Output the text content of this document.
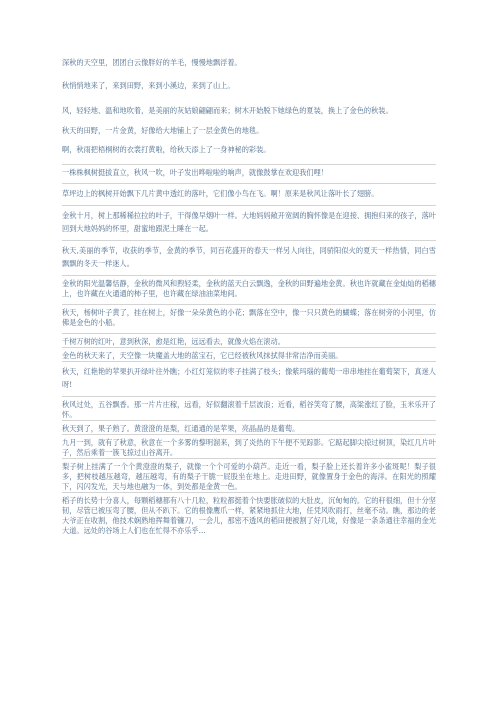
深秋的天空里，团团白云像胖好的羊毛，慢慢地飘浮着。

秋悄悄地来了，来到田野，来到小溪边，来到了山上。

风，轻轻地、温和地吹着，是美丽的灰姑娘翩翩而来；树木开始脱下她绿色的夏装，换上了金色的秋装。

秋天的田野，一片金黄，好像给大地铺上了一层金黄色的地毯。

啊，秋雨把梧桐树的衣裳打黄啦，给秋天添上了一身神秘的彩装。

一株株枫树挺拔直立，秋风一吹，叶子发出哗啦啦的响声，就像鼓掌在欢迎我们哩！

草坪边上的枫树开始飘下几片黄中透红的落叶，它们像小鸟在飞。啊！原来是秋风让落叶长了翅膀。

金秋十月，树上那稀稀拉拉的叶子，干得像早烟叶一样。大地妈妈敞开宽阔的胸怀像是在迎接、拥抱归来的孩子，落叶回到大地妈妈的怀里，甜蜜地跟泥土睡在一起。

秋天,美丽的季节，收获的季节，金黄的季节，同百花盛开的春天一样另人向往，同骄阳似火的夏天一样热情，同白雪飘飘的冬天一样迷人。

金秋的阳光温馨恬静，金秋的微风和煦轻柔，金秋的蓝天白云飘逸，金秋的田野遍地金黄。秋也许就藏在金灿灿的稻穗上，也许藏在火通通的柿子里，也许藏在绿油油菜地间。

秋天，杨树叶子黄了，挂在树上，好像一朵朵黄色的小花；飘落在空中，像一只只黄色的蝴蝶；落在树旁的小河里，仿佛是金色的小船。

千树万树的红叶，意到秋深，愈是红艳，远远看去，就像火焰在滚动。

金色的秋天来了，天空像一块魔盖大地的蓝宝石，它已经被秋风抹拭得非常洁净而美丽。

秋天，红艳艳的苹果扒开绿叶往外瞧；小红灯笼似的枣子挂满了枝头；像紫玛瑙的葡萄一串串地挂在葡萄架下，真迷人呀!

秋风过处，五谷飘香。那一片片庄稼，远看，好似翻滚着千层波浪；近看，稻谷笑弯了腰，高粱涨红了脸，玉米乐开了怀。

秋天到了，果子熟了。黄澄澄的是梨，红通通的是苹果，亮晶晶的是葡萄。

九月一到，就有了秋意，秋意在一个多雾的黎明溜来，到了炎热的下午便不见踪影。它踮起脚尖掠过树顶，染红几片叶子，然后乘着一簇飞掠过山谷离开。

梨子树上挂满了一个个黄澄澄的梨子，就像一个个可爱的小葫芦。走近一看，梨子脸上还长着许多小雀斑呢！梨子很多，把树枝越压越弯，越压越弯，有的梨子干脆一屁股坐在地上。走进田野，就像置身于金色的海洋。在阳光的照耀下，闪闪发光，天与地也融为一体，到处都是金黄一色。

稻子的长势十分喜人，每颗稻穗都有八十几粒，粒粒都挺着个快要胀破似的大肚皮，沉甸甸的。它的秆很细，但十分坚韧，尽管已被压弯了腰，但从不趴下。它的根像鹰爪一样，紧紧地抓住大地，任凭风吹雨打，丝毫不动。瞧，那边的老大爷正在收割，他技术娴熟地挥舞着镰刀，一会儿，那密不透风的稻田便被割了好几垅，好像是一条条通往幸福的金光大道。远处的谷场上人们也在忙得不亦乐乎…
